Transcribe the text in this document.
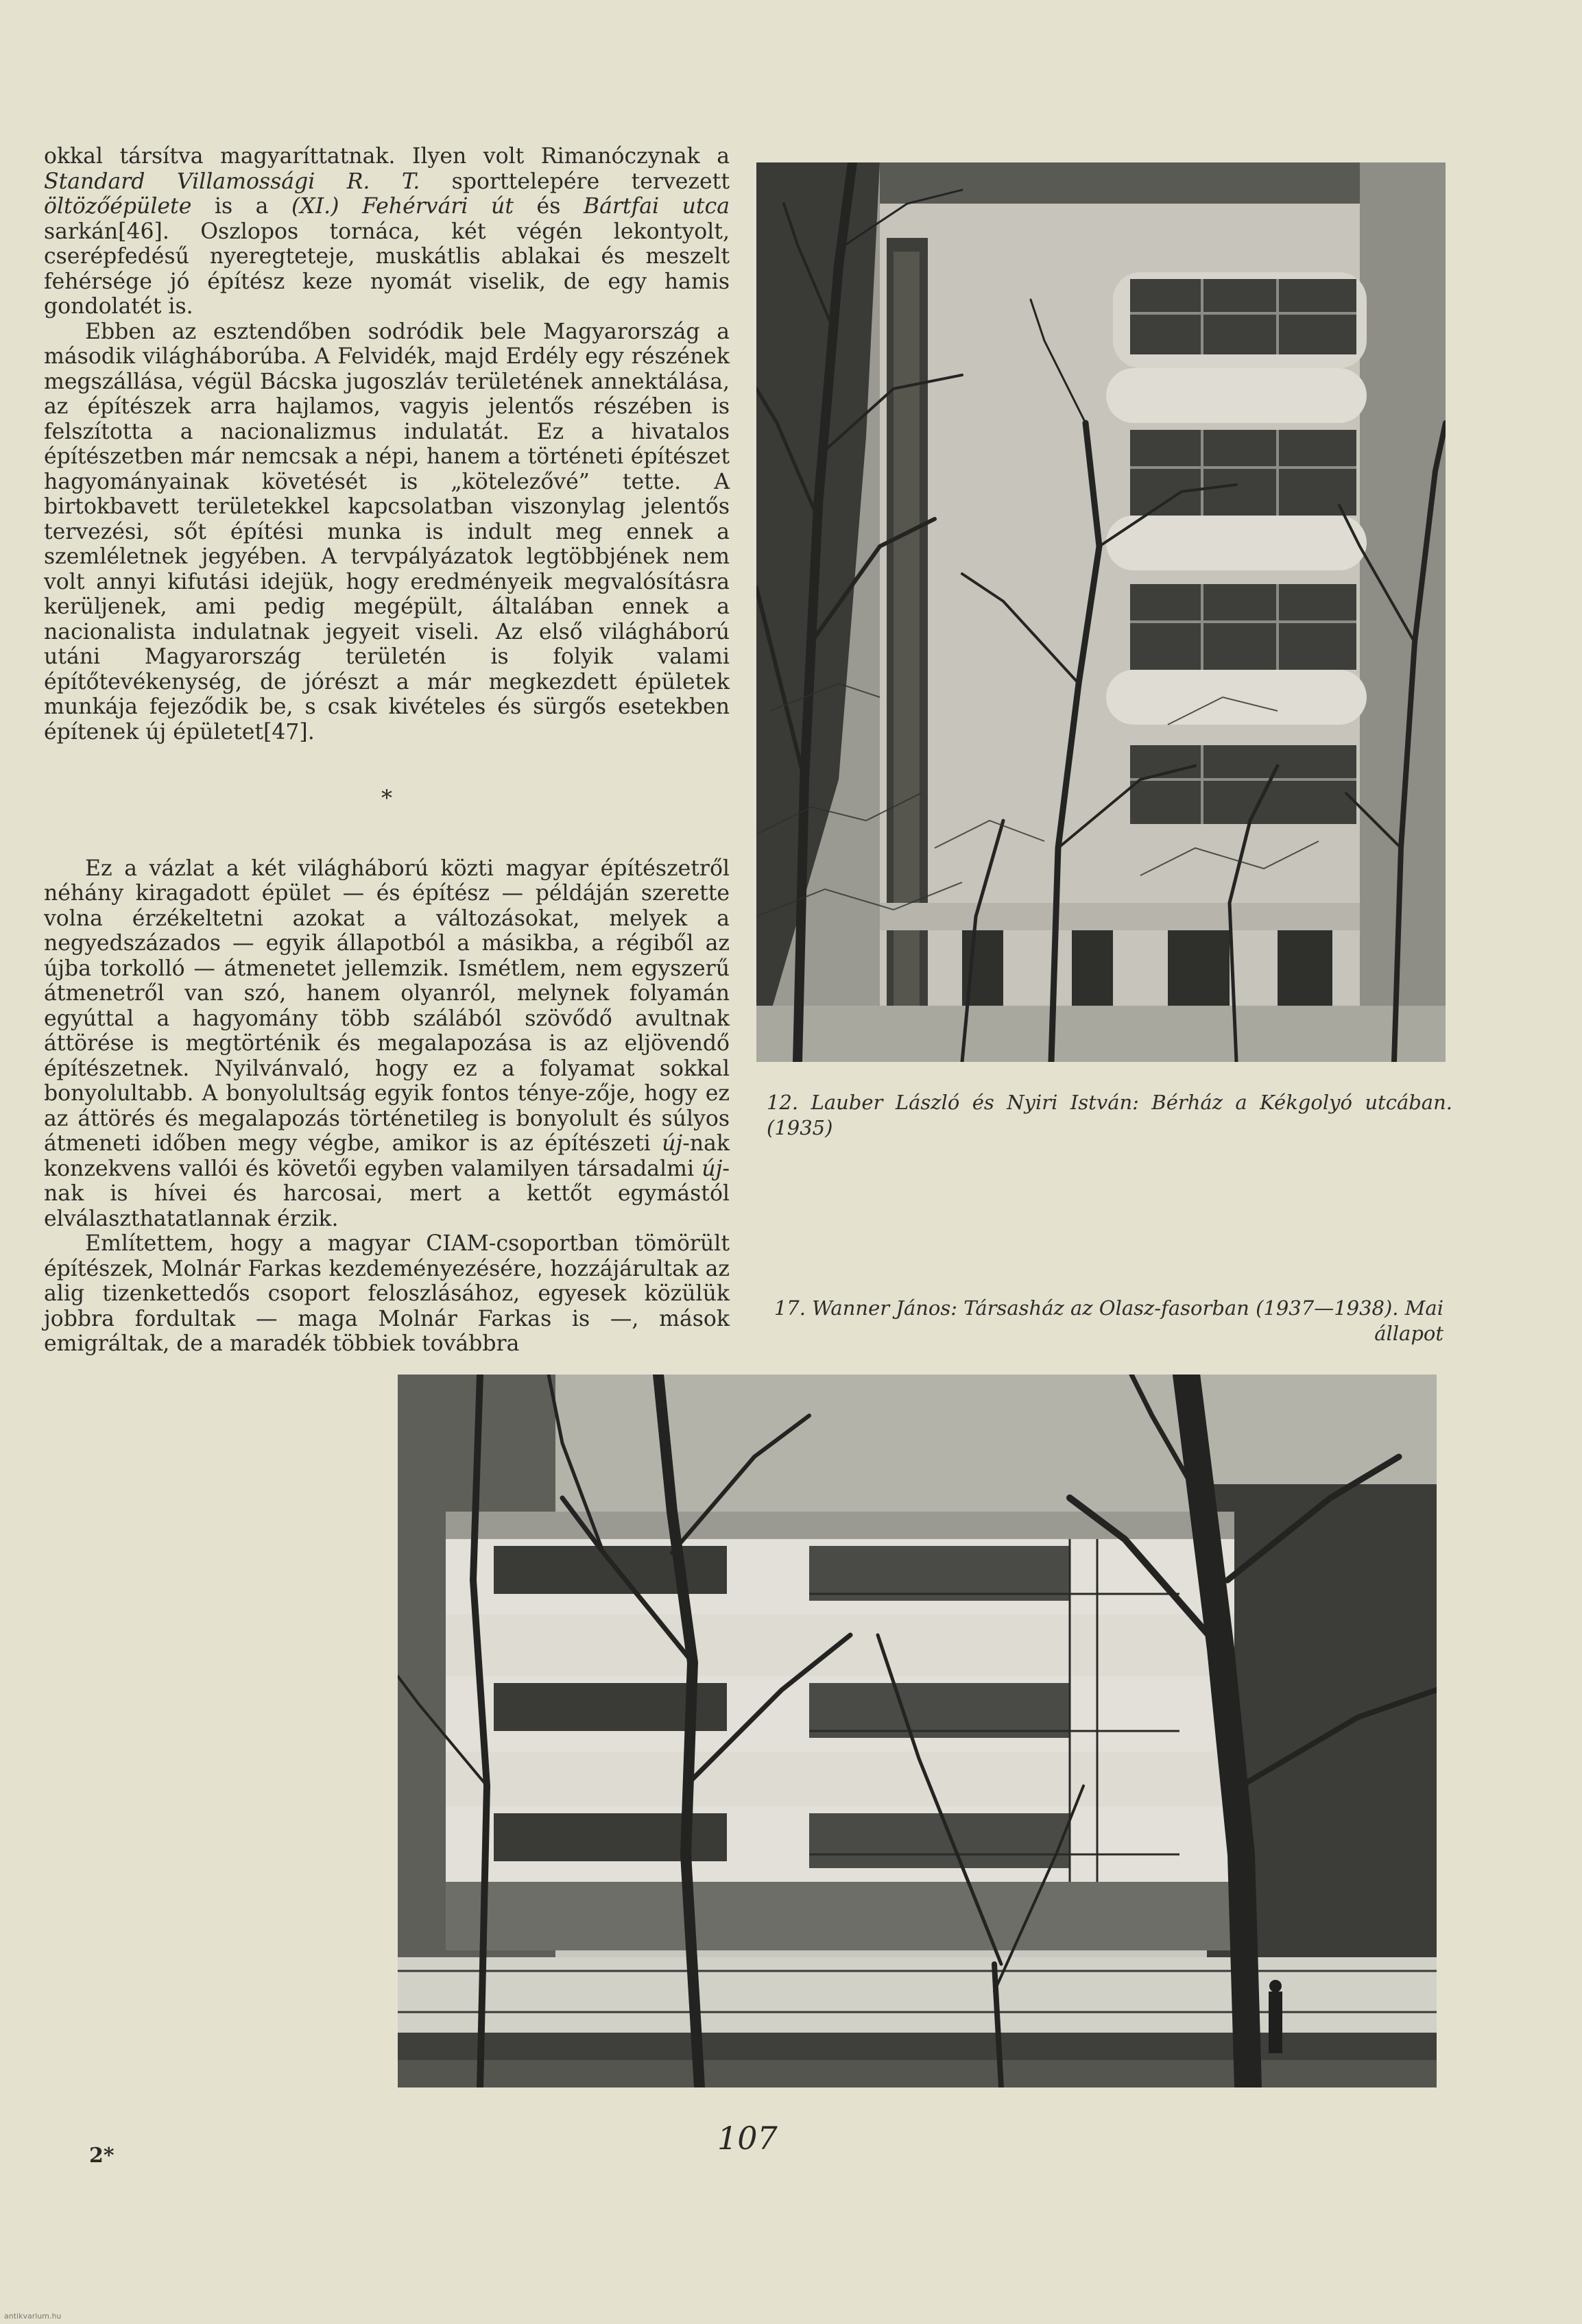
okkal társítva magyaríttatnak. Ilyen volt Rimanóczynak a Standard Villamossági R. T. sporttelepére tervezett öltözőépülete is a (XI.) Fehérvári út és Bártfai utca sarkán[46]. Oszlopos tornáca, két végén lekontyolt, cserépfedésű nyeregteteje, muskátlis ablakai és meszelt fehérsége jó építész keze nyomát viselik, de egy hamis gondolatét is.

Ebben az esztendőben sodródik bele Magyarország a második világháborúba. A Felvidék, majd Erdély egy részének megszállása, végül Bácska jugoszláv területének annektálása, az építészek arra hajlamos, vagyis jelentős részében is felszította a nacionalizmus indulatát. Ez a hivatalos építészetben már nemcsak a népi, hanem a történeti építészet hagyományainak követését is „kötelezővé” tette. A birtokbavett területekkel kapcsolatban viszonylag jelentős tervezési, sőt építési munka is indult meg ennek a szemléletnek jegyében. A tervpályázatok legtöbbjének nem volt annyi kifutási idejük, hogy eredményeik megvalósításra kerüljenek, ami pedig megépült, általában ennek a nacionalista indulatnak jegyeit viseli. Az első világháború utáni Magyarország területén is folyik valami építőtevékenység, de jórészt a már megkezdett épületek munkája fejeződik be, s csak kivételes és sürgős esetekben építenek új épületet[47].

*

Ez a vázlat a két világháború közti magyar építészetről néhány kiragadott épület — és építész — példáján szerette volna érzékeltetni azokat a változásokat, melyek a negyedszázados — egyik állapotból a másikba, a régiből az újba torkolló — átmenetet jellemzik. Ismétlem, nem egyszerű átmenetről van szó, hanem olyanról, melynek folyamán egyúttal a hagyomány több szálából szövődő avultnak áttörése is megtörténik és megalapozása is az eljövendő építészetnek. Nyilvánvaló, hogy ez a folyamat sokkal bonyolultabb. A bonyolultság egyik fontos ténye-zője, hogy ez az áttörés és megalapozás történetileg is bonyolult és súlyos átmeneti időben megy végbe, amikor is az építészeti új-nak konzekvens vallói és követői egyben valamilyen társadalmi új-nak is hívei és harcosai, mert a kettőt egymástól elválaszthatatlannak érzik.

Említettem, hogy a magyar CIAM-csoportban tömörült építészek, Molnár Farkas kezdeményezésére, hozzájárultak az alig tizenkettedős csoport feloszlásához, egyesek közülük jobbra fordultak — maga Molnár Farkas is —, mások emigráltak, de a maradék többiek továbbra

12. Lauber László és Nyiri István: Bérház a Kékgolyó utcában. (1935)
17. Wanner János: Társasház az Olasz-fasorban (1937—1938). Mai állapot
107
2*
antikvarium.hu
